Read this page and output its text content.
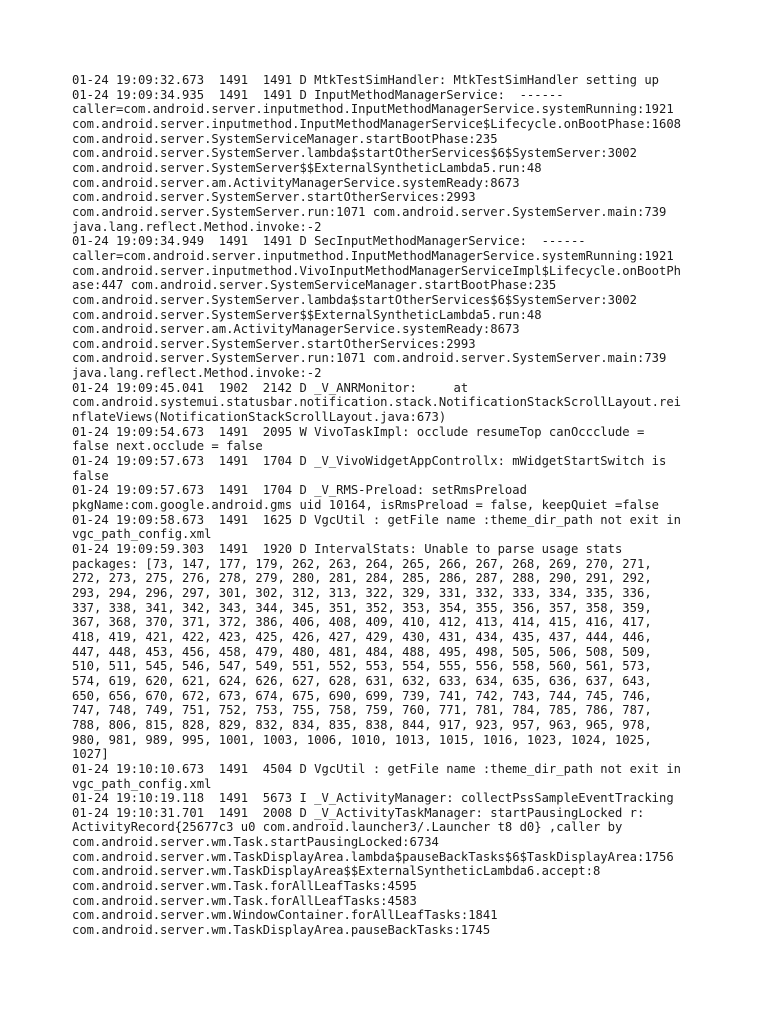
01-24 19:09:32.673  1491  1491 D MtkTestSimHandler: MtkTestSimHandler setting up
01-24 19:09:34.935  1491  1491 D InputMethodManagerService:  ------
caller=com.android.server.inputmethod.InputMethodManagerService.systemRunning:1921
com.android.server.inputmethod.InputMethodManagerService$Lifecycle.onBootPhase:1608
com.android.server.SystemServiceManager.startBootPhase:235
com.android.server.SystemServer.lambda$startOtherServices$6$SystemServer:3002
com.android.server.SystemServer$$ExternalSyntheticLambda5.run:48
com.android.server.am.ActivityManagerService.systemReady:8673
com.android.server.SystemServer.startOtherServices:2993
com.android.server.SystemServer.run:1071 com.android.server.SystemServer.main:739
java.lang.reflect.Method.invoke:-2
01-24 19:09:34.949  1491  1491 D SecInputMethodManagerService:  ------
caller=com.android.server.inputmethod.InputMethodManagerService.systemRunning:1921
com.android.server.inputmethod.VivoInputMethodManagerServiceImpl$Lifecycle.onBootPh
ase:447 com.android.server.SystemServiceManager.startBootPhase:235
com.android.server.SystemServer.lambda$startOtherServices$6$SystemServer:3002
com.android.server.SystemServer$$ExternalSyntheticLambda5.run:48
com.android.server.am.ActivityManagerService.systemReady:8673
com.android.server.SystemServer.startOtherServices:2993
com.android.server.SystemServer.run:1071 com.android.server.SystemServer.main:739
java.lang.reflect.Method.invoke:-2
01-24 19:09:45.041  1902  2142 D _V_ANRMonitor:     at
com.android.systemui.statusbar.notification.stack.NotificationStackScrollLayout.rei
nflateViews(NotificationStackScrollLayout.java:673)
01-24 19:09:54.673  1491  2095 W VivoTaskImpl: occlude resumeTop canOccclude =
false next.occlude = false
01-24 19:09:57.673  1491  1704 D _V_VivoWidgetAppControllx: mWidgetStartSwitch is
false
01-24 19:09:57.673  1491  1704 D _V_RMS-Preload: setRmsPreload
pkgName:com.google.android.gms uid 10164, isRmsPreload = false, keepQuiet =false
01-24 19:09:58.673  1491  1625 D VgcUtil : getFile name :theme_dir_path not exit in
vgc_path_config.xml
01-24 19:09:59.303  1491  1920 D IntervalStats: Unable to parse usage stats
packages: [73, 147, 177, 179, 262, 263, 264, 265, 266, 267, 268, 269, 270, 271,
272, 273, 275, 276, 278, 279, 280, 281, 284, 285, 286, 287, 288, 290, 291, 292,
293, 294, 296, 297, 301, 302, 312, 313, 322, 329, 331, 332, 333, 334, 335, 336,
337, 338, 341, 342, 343, 344, 345, 351, 352, 353, 354, 355, 356, 357, 358, 359,
367, 368, 370, 371, 372, 386, 406, 408, 409, 410, 412, 413, 414, 415, 416, 417,
418, 419, 421, 422, 423, 425, 426, 427, 429, 430, 431, 434, 435, 437, 444, 446,
447, 448, 453, 456, 458, 479, 480, 481, 484, 488, 495, 498, 505, 506, 508, 509,
510, 511, 545, 546, 547, 549, 551, 552, 553, 554, 555, 556, 558, 560, 561, 573,
574, 619, 620, 621, 624, 626, 627, 628, 631, 632, 633, 634, 635, 636, 637, 643,
650, 656, 670, 672, 673, 674, 675, 690, 699, 739, 741, 742, 743, 744, 745, 746,
747, 748, 749, 751, 752, 753, 755, 758, 759, 760, 771, 781, 784, 785, 786, 787,
788, 806, 815, 828, 829, 832, 834, 835, 838, 844, 917, 923, 957, 963, 965, 978,
980, 981, 989, 995, 1001, 1003, 1006, 1010, 1013, 1015, 1016, 1023, 1024, 1025,
1027]
01-24 19:10:10.673  1491  4504 D VgcUtil : getFile name :theme_dir_path not exit in
vgc_path_config.xml
01-24 19:10:19.118  1491  5673 I _V_ActivityManager: collectPssSampleEventTracking
01-24 19:10:31.701  1491  2008 D _V_ActivityTaskManager: startPausingLocked r:
ActivityRecord{25677c3 u0 com.android.launcher3/.Launcher t8 d0} ,caller by
com.android.server.wm.Task.startPausingLocked:6734
com.android.server.wm.TaskDisplayArea.lambda$pauseBackTasks$6$TaskDisplayArea:1756
com.android.server.wm.TaskDisplayArea$$ExternalSyntheticLambda6.accept:8
com.android.server.wm.Task.forAllLeafTasks:4595
com.android.server.wm.Task.forAllLeafTasks:4583
com.android.server.wm.WindowContainer.forAllLeafTasks:1841
com.android.server.wm.TaskDisplayArea.pauseBackTasks:1745
